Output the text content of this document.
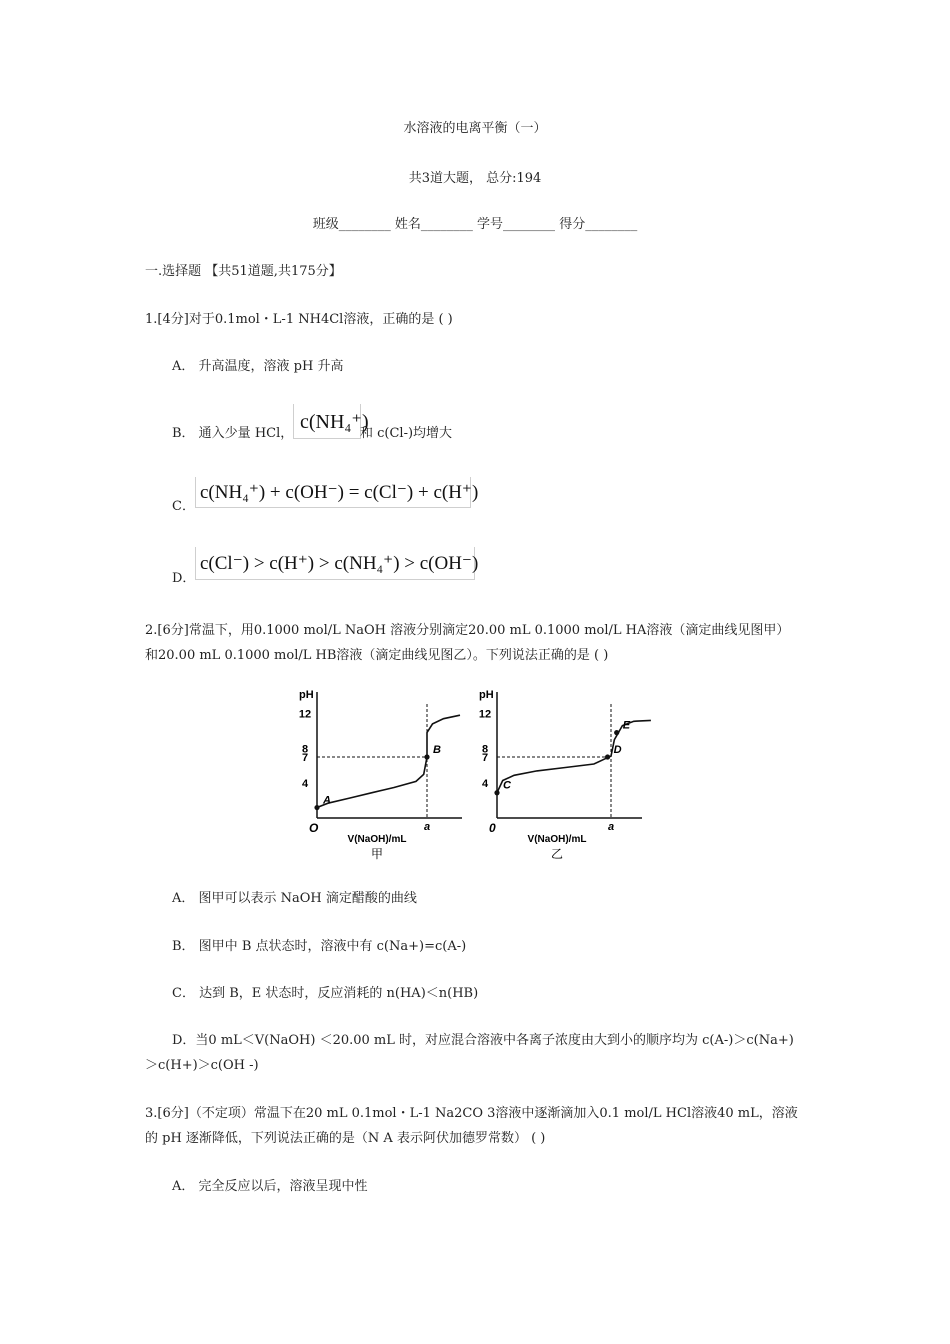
水溶液的电离平衡（一）
共3道大题， 总分:194
班级________ 姓名________ 学号________ 得分________
一.选择题 【共51道题,共175分】
1.[4分]对于0.1mol・L-1 NH4Cl溶液，正确的是 ( )
A． 升高温度，溶液 pH 升高
B． 通入少量 HCl，
c(NH₄⁺)
和 c(Cl-)均增大
C．
c(NH₄⁺) + c(OH⁻) = c(Cl⁻) + c(H⁺)
D．
c(Cl⁻) > c(H⁺) > c(NH₄⁺) > c(OH⁻)
2.[6分]常温下，用0.1000 mol/L NaOH 溶液分别滴定20.00 mL 0.1000 mol/L HA溶液（滴定曲线见图甲）
和20.00 mL 0.1000 mol/L HB溶液（滴定曲线见图乙）。下列说法正确的是 ( )
pH
12
8
7
4
O	a
V(NaOH)/mL
甲
A
B
pH
12
8
7
4
0	a
V(NaOH)/mL
乙
C
D
E
A． 图甲可以表示 NaOH 滴定醋酸的曲线
B． 图甲中 B 点状态时，溶液中有 c(Na+)=c(A-)
C． 达到 B，E 状态时，反应消耗的 n(HA)＜n(HB)
D．当0 mL＜V(NaOH) ＜20.00 mL 时，对应混合溶液中各离子浓度由大到小的顺序均为 c(A-)＞c(Na+)
＞c(H+)＞c(OH -)
3.[6分]（不定项）常温下在20 mL 0.1mol・L-1 Na2CO 3溶液中逐渐滴加入0.1 mol/L HCl溶液40 mL，溶液
的 pH 逐渐降低，下列说法正确的是（N A 表示阿伏加德罗常数） ( )
A． 完全反应以后，溶液呈现中性
